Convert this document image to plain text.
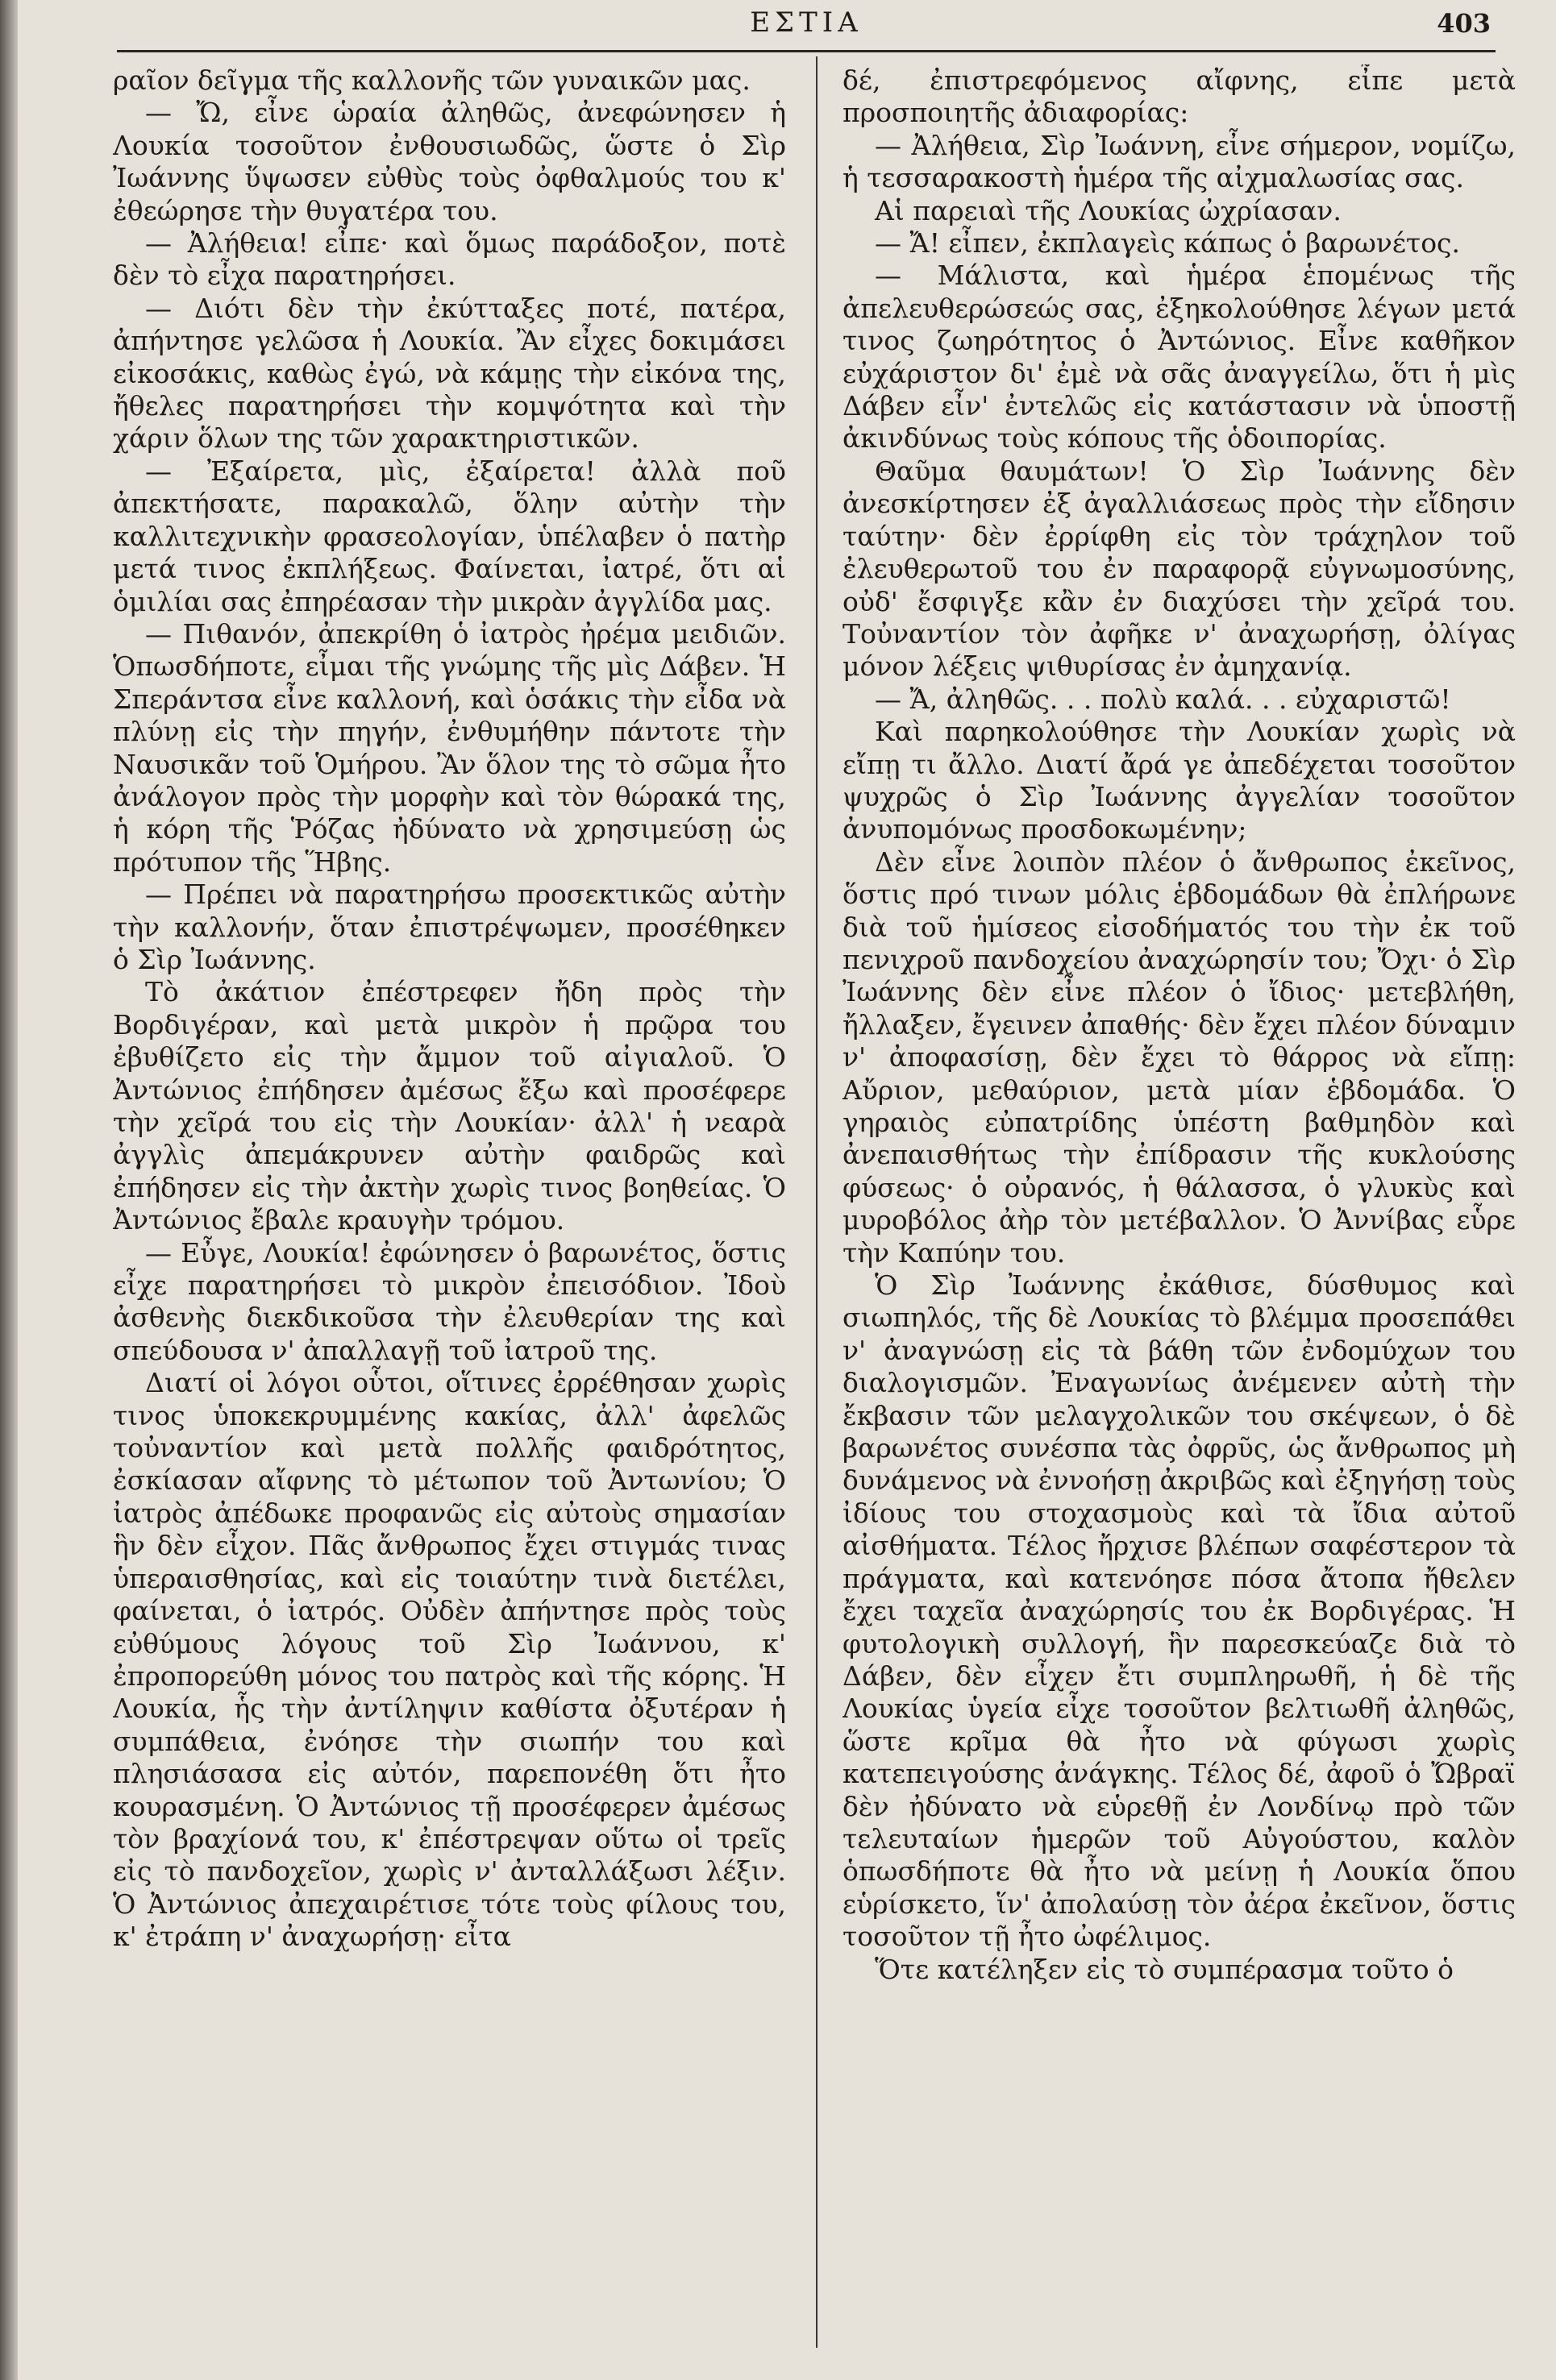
ΕΣΤΙΑ	403

ραῖον δεῖγμα τῆς καλλονῆς τῶν γυναικῶν μας.

— Ὤ, εἶνε ὡραία ἀληθῶς, ἀνεφώνησεν ἡ Λουκία τοσοῦτον ἐνθουσιωδῶς, ὥστε ὁ Σὶρ Ἰωάννης ὕψωσεν εὐθὺς τοὺς ὀφθαλμούς του κ' ἐθεώρησε τὴν θυγατέρα του.

— Ἀλήθεια! εἶπε· καὶ ὅμως παράδοξον, ποτὲ δὲν τὸ εἶχα παρατηρήσει.

— Διότι δὲν τὴν ἐκύτταξες ποτέ, πατέρα, ἀπήντησε γελῶσα ἡ Λουκία. Ἂν εἶχες δοκιμάσει εἰκοσάκις, καθὼς ἐγώ, νὰ κάμῃς τὴν εἰκόνα της, ἤθελες παρατηρήσει τὴν κομψότητα καὶ τὴν χάριν ὅλων της τῶν χαρακτηριστικῶν.

— Ἐξαίρετα, μὶς, ἐξαίρετα! ἀλλὰ ποῦ ἀπεκτήσατε, παρακαλῶ, ὅλην αὐτὴν τὴν καλλιτεχνικὴν φρασεολογίαν, ὑπέλαβεν ὁ πατὴρ μετά τινος ἐκπλήξεως. Φαίνεται, ἰατρέ, ὅτι αἱ ὁμιλίαι σας ἐπηρέασαν τὴν μικρὰν ἀγγλίδα μας.

— Πιθανόν, ἀπεκρίθη ὁ ἰατρὸς ἠρέμα μειδιῶν. Ὁπωσδήποτε, εἶμαι τῆς γνώμης τῆς μὶς Δάβεν. Ἡ Σπεράντσα εἶνε καλλονή, καὶ ὁσάκις τὴν εἶδα νὰ πλύνῃ εἰς τὴν πηγήν, ἐνθυμήθην πάντοτε τὴν Ναυσικᾶν τοῦ Ὁμήρου. Ἂν ὅλον της τὸ σῶμα ἦτο ἀνάλογον πρὸς τὴν μορφὴν καὶ τὸν θώρακά της, ἡ κόρη τῆς Ῥόζας ἠδύνατο νὰ χρησιμεύσῃ ὡς πρότυπον τῆς Ἥβης.

— Πρέπει νὰ παρατηρήσω προσεκτικῶς αὐτὴν τὴν καλλονήν, ὅταν ἐπιστρέψωμεν, προσέθηκεν ὁ Σὶρ Ἰωάννης.

Τὸ ἀκάτιον ἐπέστρεφεν ἤδη πρὸς τὴν Βορδιγέραν, καὶ μετὰ μικρὸν ἡ πρῷρα του ἐβυθίζετο εἰς τὴν ἄμμον τοῦ αἰγιαλοῦ. Ὁ Ἀντώνιος ἐπήδησεν ἀμέσως ἔξω καὶ προσέφερε τὴν χεῖρά του εἰς τὴν Λουκίαν· ἀλλ' ἡ νεαρὰ ἀγγλὶς ἀπεμάκρυνεν αὐτὴν φαιδρῶς καὶ ἐπήδησεν εἰς τὴν ἀκτὴν χωρὶς τινος βοηθείας. Ὁ Ἀντώνιος ἔβαλε κραυγὴν τρόμου.

— Εὖγε, Λουκία! ἐφώνησεν ὁ βαρωνέτος, ὅστις εἶχε παρατηρήσει τὸ μικρὸν ἐπεισόδιον. Ἰδοὺ ἀσθενὴς διεκδικοῦσα τὴν ἐλευθερίαν της καὶ σπεύδουσα ν' ἀπαλλαγῇ τοῦ ἰατροῦ της.

Διατί οἱ λόγοι οὗτοι, οἵτινες ἐρρέθησαν χωρὶς τινος ὑποκεκρυμμένης κακίας, ἀλλ' ἀφελῶς τοὐναντίον καὶ μετὰ πολλῆς φαιδρότητος, ἐσκίασαν αἴφνης τὸ μέτωπον τοῦ Ἀντωνίου; Ὁ ἰατρὸς ἀπέδωκε προφανῶς εἰς αὐτοὺς σημασίαν ἣν δὲν εἶχον. Πᾶς ἄνθρωπος ἔχει στιγμάς τινας ὑπεραισθησίας, καὶ εἰς τοιαύτην τινὰ διετέλει, φαίνεται, ὁ ἰατρός. Οὐδὲν ἀπήντησε πρὸς τοὺς εὐθύμους λόγους τοῦ Σὶρ Ἰωάννου, κ' ἐπροπορεύθη μόνος του πατρὸς καὶ τῆς κόρης. Ἡ Λουκία, ἧς τὴν ἀντίληψιν καθίστα ὀξυτέραν ἡ συμπάθεια, ἐνόησε τὴν σιωπήν του καὶ πλησιάσασα εἰς αὐτόν, παρεπονέθη ὅτι ἦτο κουρασμένη. Ὁ Ἀντώνιος τῇ προσέφερεν ἀμέσως τὸν βραχίονά του, κ' ἐπέστρεψαν οὕτω οἱ τρεῖς εἰς τὸ πανδοχεῖον, χωρὶς ν' ἀνταλλάξωσι λέξιν. Ὁ Ἀντώνιος ἀπεχαιρέτισε τότε τοὺς φίλους του, κ' ἐτράπη ν' ἀναχωρήσῃ· εἶτα

δέ, ἐπιστρεφόμενος αἴφνης, εἶπε μετὰ προσποιητῆς ἀδιαφορίας:

— Ἀλήθεια, Σὶρ Ἰωάννη, εἶνε σήμερον, νομίζω, ἡ τεσσαρακοστὴ ἡμέρα τῆς αἰχμαλωσίας σας.

Αἱ παρειαὶ τῆς Λουκίας ὠχρίασαν.

— Ἄ! εἶπεν, ἐκπλαγεὶς κάπως ὁ βαρωνέτος.

— Μάλιστα, καὶ ἡμέρα ἑπομένως τῆς ἀπελευθερώσεώς σας, ἐξηκολούθησε λέγων μετά τινος ζωηρότητος ὁ Ἀντώνιος. Εἶνε καθῆκον εὐχάριστον δι' ἐμὲ νὰ σᾶς ἀναγγείλω, ὅτι ἡ μὶς Δάβεν εἶν' ἐντελῶς εἰς κατάστασιν νὰ ὑποστῇ ἀκινδύνως τοὺς κόπους τῆς ὁδοιπορίας.

Θαῦμα θαυμάτων! Ὁ Σὶρ Ἰωάννης δὲν ἀνεσκίρτησεν ἐξ ἀγαλλιάσεως πρὸς τὴν εἴδησιν ταύτην· δὲν ἐρρίφθη εἰς τὸν τράχηλον τοῦ ἐλευθερωτοῦ του ἐν παραφορᾷ εὐγνωμοσύνης, οὐδ' ἔσφιγξε κἂν ἐν διαχύσει τὴν χεῖρά του. Τοὐναντίον τὸν ἀφῆκε ν' ἀναχωρήσῃ, ὀλίγας μόνον λέξεις ψιθυρίσας ἐν ἀμηχανίᾳ.

— Ἄ, ἀληθῶς. . . πολὺ καλά. . . εὐχαριστῶ!

Καὶ παρηκολούθησε τὴν Λουκίαν χωρὶς νὰ εἴπῃ τι ἄλλο. Διατί ἄρά γε ἀπεδέχεται τοσοῦτον ψυχρῶς ὁ Σὶρ Ἰωάννης ἀγγελίαν τοσοῦτον ἀνυπομόνως προσδοκωμένην;

Δὲν εἶνε λοιπὸν πλέον ὁ ἄνθρωπος ἐκεῖνος, ὅστις πρό τινων μόλις ἑβδομάδων θὰ ἐπλήρωνε διὰ τοῦ ἡμίσεος εἰσοδήματός του τὴν ἐκ τοῦ πενιχροῦ πανδοχείου ἀναχώρησίν του; Ὄχι· ὁ Σὶρ Ἰωάννης δὲν εἶνε πλέον ὁ ἴδιος· μετεβλήθη, ἤλλαξεν, ἔγεινεν ἀπαθής· δὲν ἔχει πλέον δύναμιν ν' ἀποφασίσῃ, δὲν ἔχει τὸ θάρρος νὰ εἴπῃ: Αὔριον, μεθαύριον, μετὰ μίαν ἑβδομάδα. Ὁ γηραιὸς εὐπατρίδης ὑπέστη βαθμηδὸν καὶ ἀνεπαισθήτως τὴν ἐπίδρασιν τῆς κυκλούσης φύσεως· ὁ οὐρανός, ἡ θάλασσα, ὁ γλυκὺς καὶ μυροβόλος ἀὴρ τὸν μετέβαλλον. Ὁ Ἀννίβας εὗρε τὴν Καπύην του.

Ὁ Σὶρ Ἰωάννης ἐκάθισε, δύσθυμος καὶ σιωπηλός, τῆς δὲ Λουκίας τὸ βλέμμα προσεπάθει ν' ἀναγνώσῃ εἰς τὰ βάθη τῶν ἐνδομύχων του διαλογισμῶν. Ἐναγωνίως ἀνέμενεν αὐτὴ τὴν ἔκβασιν τῶν μελαγχολικῶν του σκέψεων, ὁ δὲ βαρωνέτος συνέσπα τὰς ὀφρῦς, ὡς ἄνθρωπος μὴ δυνάμενος νὰ ἐννοήσῃ ἀκριβῶς καὶ ἐξηγήσῃ τοὺς ἰδίους του στοχασμοὺς καὶ τὰ ἴδια αὐτοῦ αἰσθήματα. Τέλος ἤρχισε βλέπων σαφέστερον τὰ πράγματα, καὶ κατενόησε πόσα ἄτοπα ἤθελεν ἔχει ταχεῖα ἀναχώρησίς του ἐκ Βορδιγέρας. Ἡ φυτολογικὴ συλλογή, ἣν παρεσκεύαζε διὰ τὸ Δάβεν, δὲν εἶχεν ἔτι συμπληρωθῆ, ἡ δὲ τῆς Λουκίας ὑγεία εἶχε τοσοῦτον βελτιωθῆ ἀληθῶς, ὥστε κρῖμα θὰ ἦτο νὰ φύγωσι χωρὶς κατεπειγούσης ἀνάγκης. Τέλος δέ, ἀφοῦ ὁ Ὤβραϊ δὲν ἠδύνατο νὰ εὑρεθῇ ἐν Λονδίνῳ πρὸ τῶν τελευταίων ἡμερῶν τοῦ Αὐγούστου, καλὸν ὁπωσδήποτε θὰ ἦτο νὰ μείνῃ ἡ Λουκία ὅπου εὑρίσκετο, ἵν' ἀπολαύσῃ τὸν ἀέρα ἐκεῖνον, ὅστις τοσοῦτον τῇ ἦτο ὠφέλιμος.

Ὅτε κατέληξεν εἰς τὸ συμπέρασμα τοῦτο ὁ
